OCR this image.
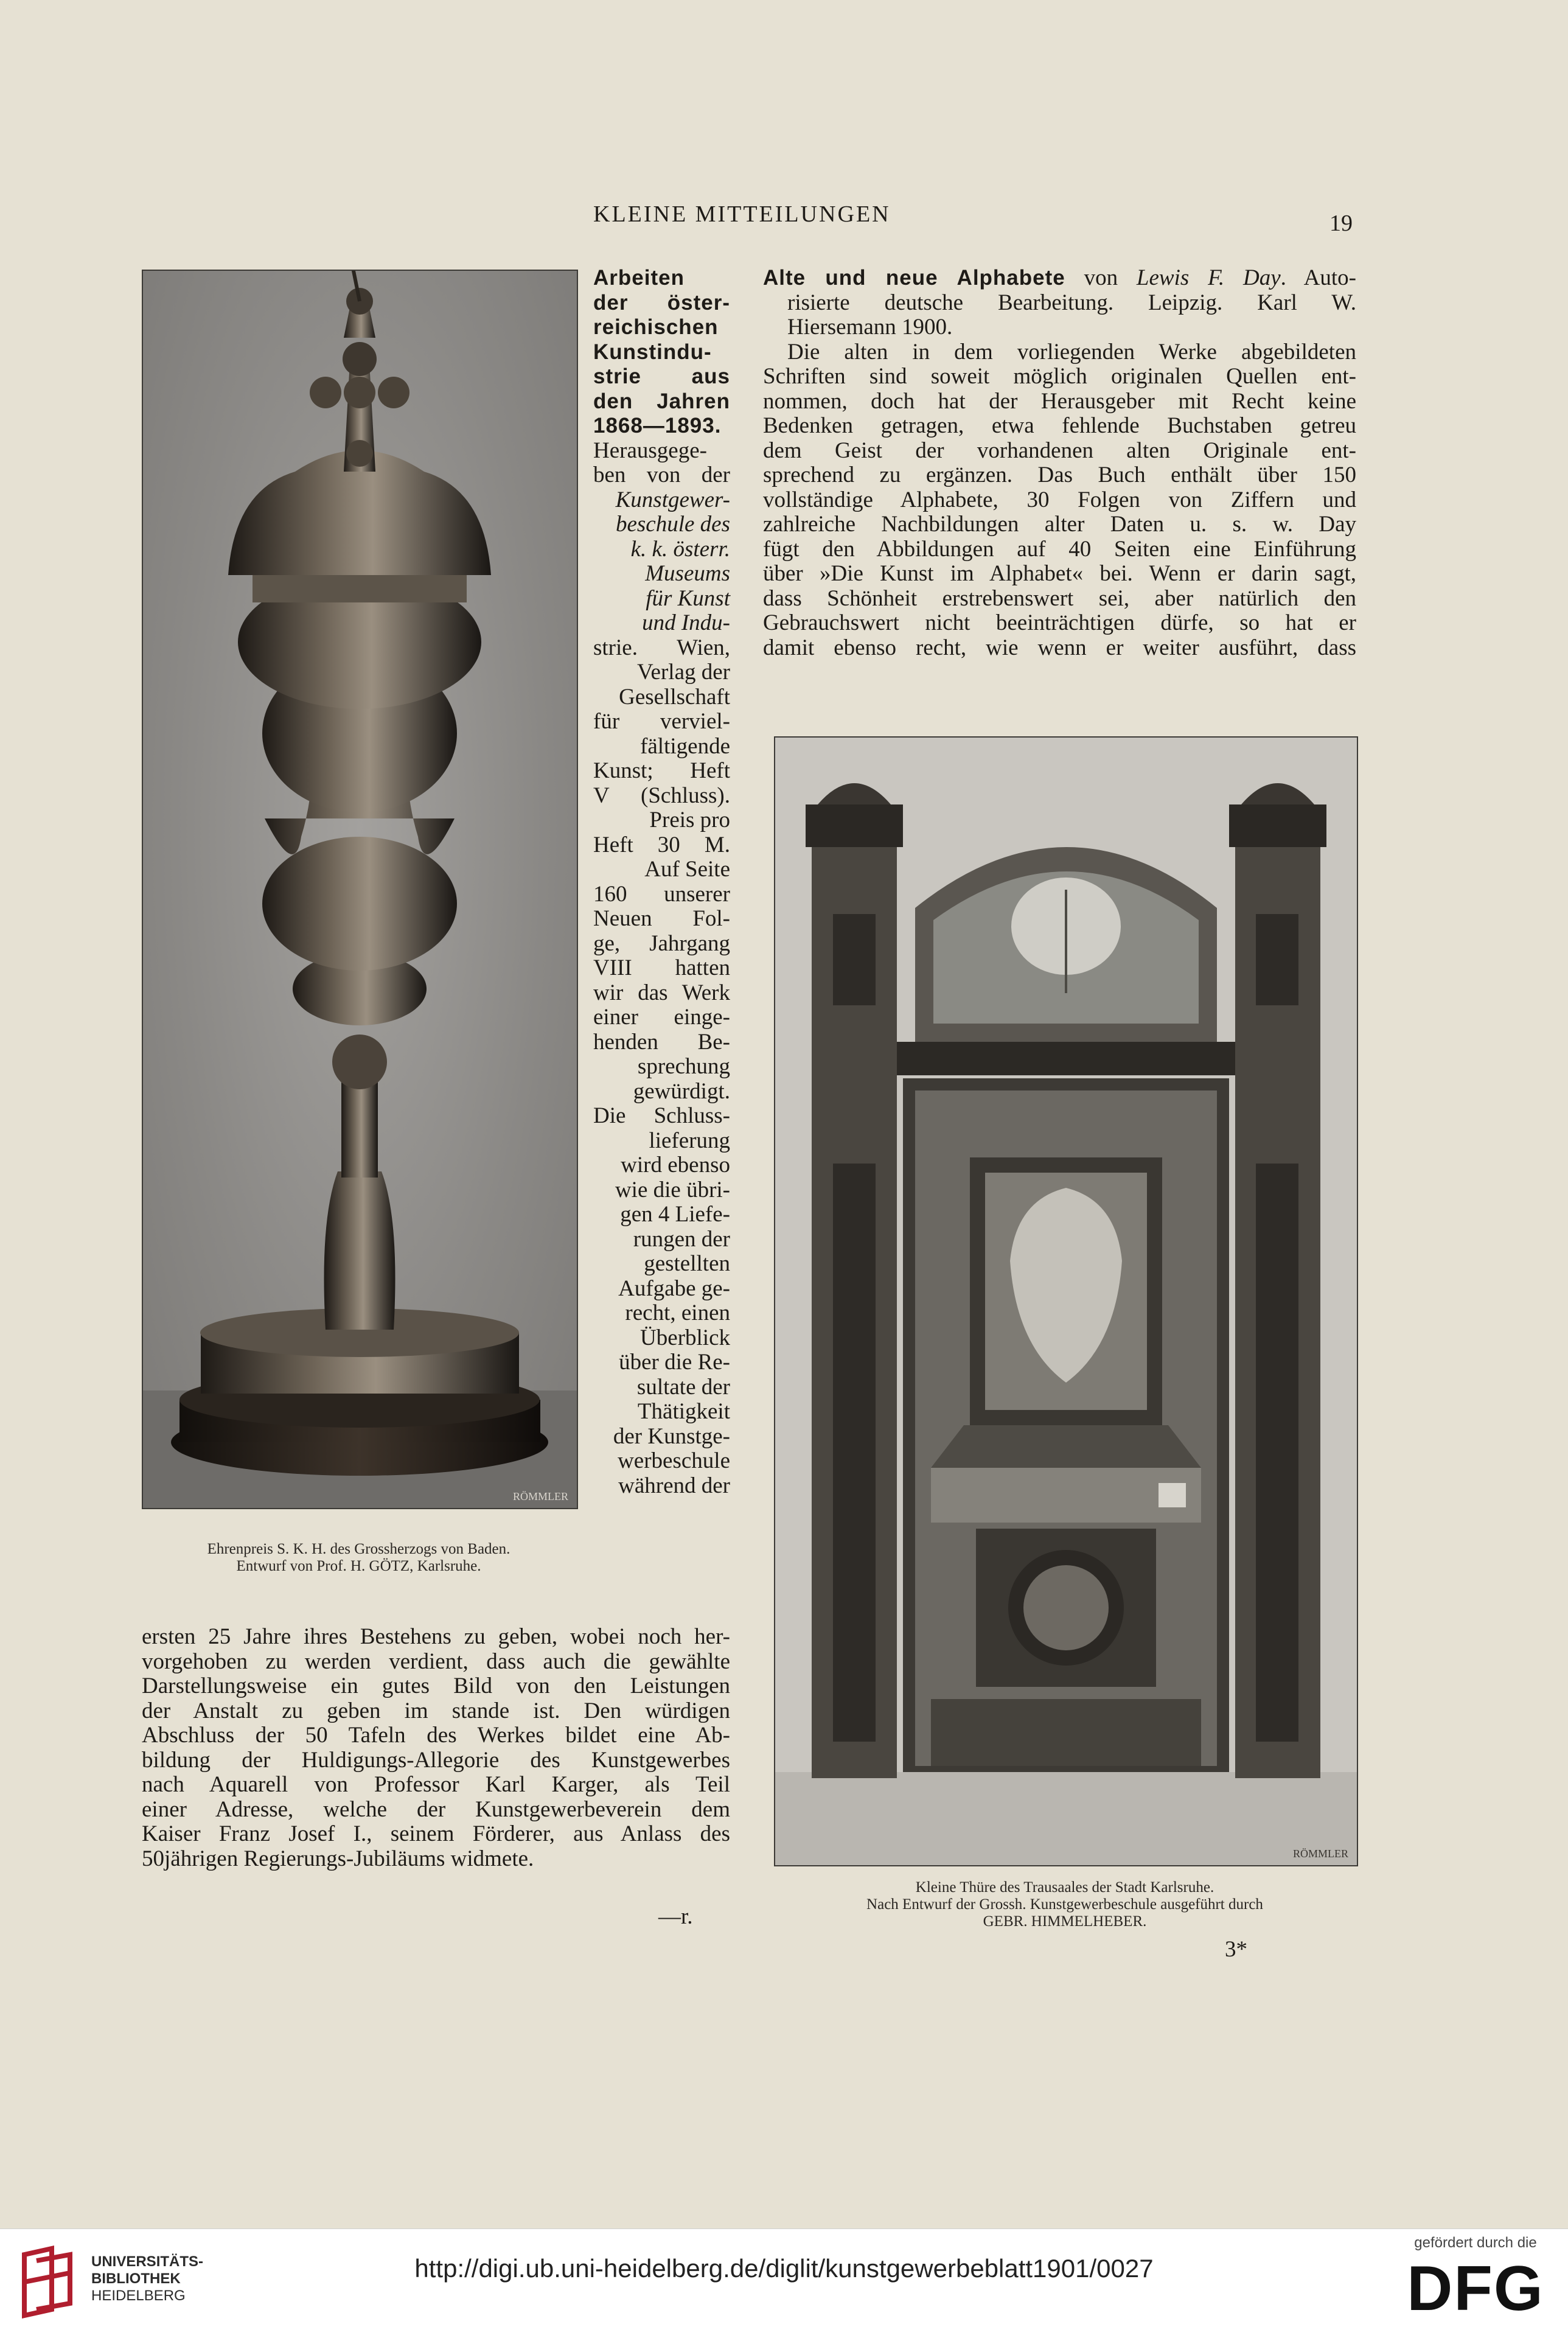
KLEINE MITTEILUNGEN	19
RÖMMLER
Ehrenpreis S. K. H. des Grossherzogs von Baden.
Entwurf von Prof. H. GÖTZ, Karlsruhe.
Arbeiten
der öster-
reichischen
Kunstindu-
strie aus
den Jahren
1868—1893.
Herausgege-
ben von der
Kunstgewer-
beschule des
k. k. österr.
Museums
für Kunst
und Indu-
strie. Wien,
Verlag der
Gesellschaft
für verviel-
fältigende
Kunst; Heft
V (Schluss).
Preis pro
Heft 30 M.
Auf Seite
160 unserer
Neuen Fol-
ge, Jahrgang
VIII hatten
wir das Werk
einer einge-
henden Be-
sprechung
gewürdigt.
Die Schluss-
lieferung
wird ebenso
wie die übri-
gen 4 Liefe-
rungen der
gestellten
Aufgabe ge-
recht, einen
Überblick
über die Re-
sultate der
Thätigkeit
der Kunstge-
werbeschule
während der
ersten 25 Jahre ihres Bestehens zu geben, wobei noch her-
vorgehoben zu werden verdient, dass auch die gewählte
Darstellungsweise ein gutes Bild von den Leistungen
der Anstalt zu geben im stande ist. Den würdigen
Abschluss der 50 Tafeln des Werkes bildet eine Ab-
bildung der Huldigungs-Allegorie des Kunstgewerbes
nach Aquarell von Professor Karl Karger, als Teil
einer Adresse, welche der Kunstgewerbeverein dem
Kaiser Franz Josef I., seinem Förderer, aus Anlass des
50jährigen Regierungs-Jubiläums widmete.
—r.
Alte und neue Alphabete von Lewis F. Day. Auto-
risierte deutsche Bearbeitung. Leipzig. Karl W.
Hiersemann 1900.
Die alten in dem vorliegenden Werke abgebildeten
Schriften sind soweit möglich originalen Quellen ent-
nommen, doch hat der Herausgeber mit Recht keine
Bedenken getragen, etwa fehlende Buchstaben getreu
dem Geist der vorhandenen alten Originale ent-
sprechend zu ergänzen. Das Buch enthält über 150
vollständige Alphabete, 30 Folgen von Ziffern und
zahlreiche Nachbildungen alter Daten u. s. w. Day
fügt den Abbildungen auf 40 Seiten eine Einführung
über »Die Kunst im Alphabet« bei. Wenn er darin sagt,
dass Schönheit erstrebenswert sei, aber natürlich den
Gebrauchswert nicht beeinträchtigen dürfe, so hat er
damit ebenso recht, wie wenn er weiter ausführt, dass
RÖMMLER
Kleine Thüre des Trausaales der Stadt Karlsruhe.
Nach Entwurf der Grossh. Kunstgewerbeschule ausgeführt durch
GEBR. HIMMELHEBER.
3*
UNIVERSITÄTS-
BIBLIOTHEK
HEIDELBERG
http://digi.ub.uni-heidelberg.de/diglit/kunstgewerbeblatt1901/0027
gefördert durch die
DFG
